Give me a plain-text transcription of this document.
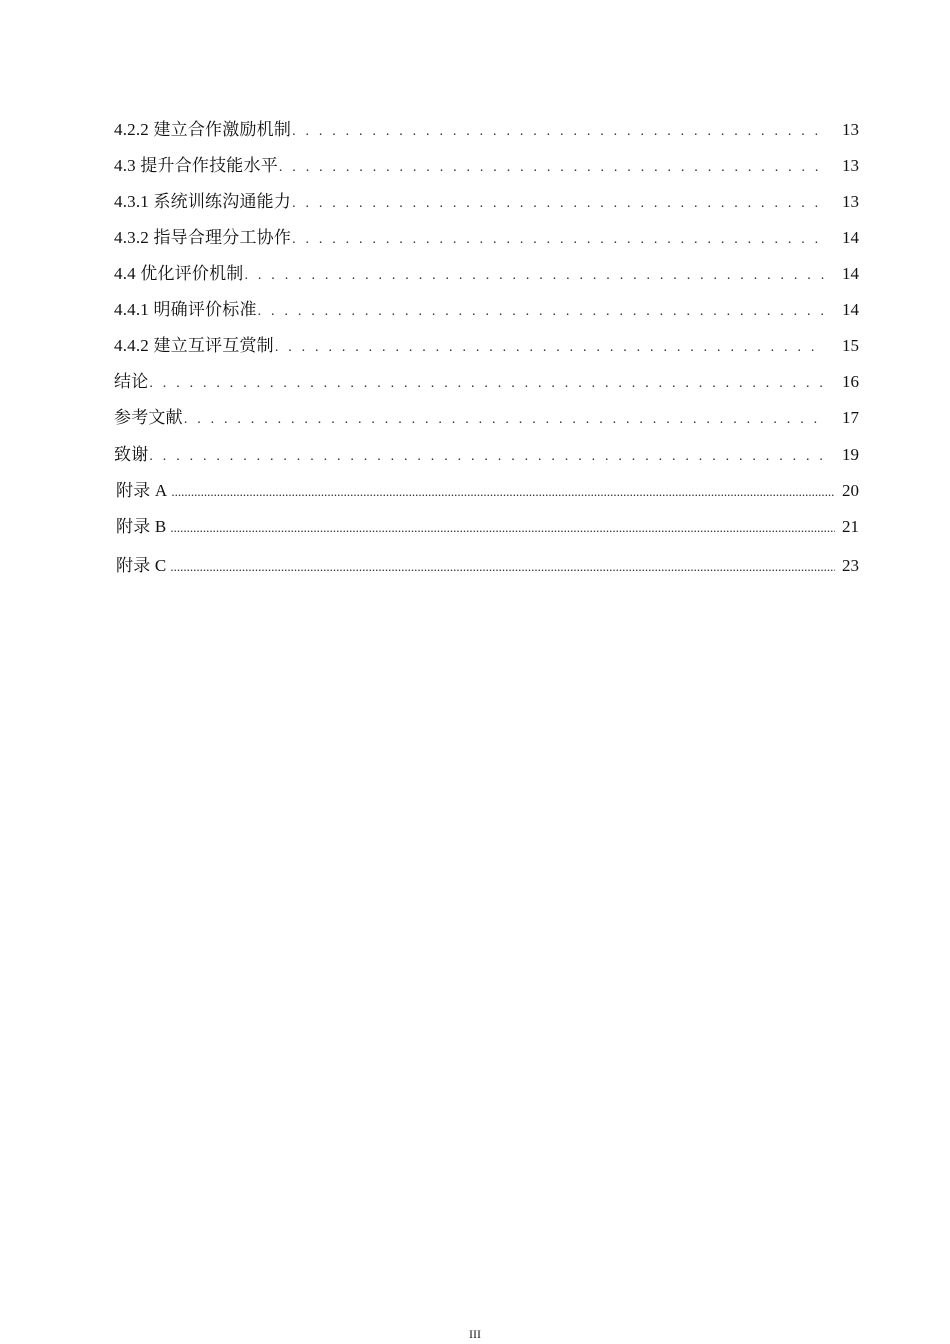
4.2.2 建立合作激励机制 . . .	13
4.3 提升合作技能水平 . . .	13
4.3.1 系统训练沟通能力 . . .	13
4.3.2 指导合理分工协作 . . .	14
4.4 优化评价机制 . . .	14
4.4.1 明确评价标准 . . .	14
4.4.2 建立互评互赏制 . . .	15
结论 . . .	16
参考文献 . . .	17
致谢 . . .	19
附录 A .....	20
附录 B .....	21
附录 C .....	23
III
